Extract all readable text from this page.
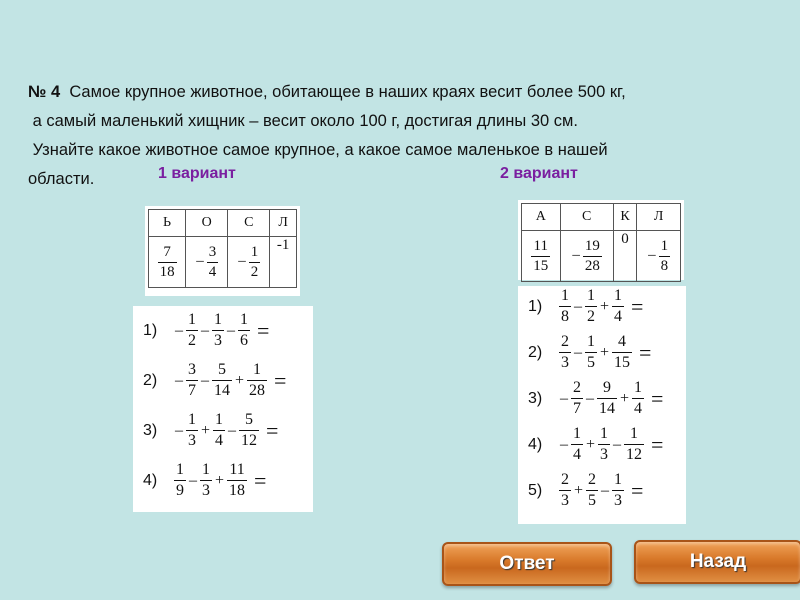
№ 4 Самое крупное животное, обитающее в наших краях весит более 500 кг,
а самый маленький хищник – весит около 100 г, достигая длины 30 см.
Узнайте какое животное самое крупное, а какое самое маленькое в нашей
области.	1 вариант	2 вариант
Ь	О	С	Л

$\frac{7}{18}$	– $\frac{3}{4}$	– $\frac{1}{2}$	-1
А	С	К	Л

$\frac{11}{15}$	– $\frac{19}{28}$	0	– $\frac{1}{8}$
1)	– $\frac{1}{2} - \frac{1}{3} - \frac{1}{6}$ =
2)	– $\frac{3}{7} - \frac{5}{14} + \frac{1}{28}$ =
3)	– $\frac{1}{3} + \frac{1}{4} - \frac{5}{12}$ =
4)	$\frac{1}{9} - \frac{1}{3} + \frac{11}{18}$ =
1)	$\frac{1}{8} - \frac{1}{2} + \frac{1}{4}$ =
2)	$\frac{2}{3} - \frac{1}{5} + \frac{4}{15}$ =
3)	– $\frac{2}{7} - \frac{9}{14} + \frac{1}{4}$ =
4)	– $\frac{1}{4} + \frac{1}{3} - \frac{1}{12}$ =
5)	$\frac{2}{3} + \frac{2}{5} - \frac{1}{3}$ =
Ответ	Назад
